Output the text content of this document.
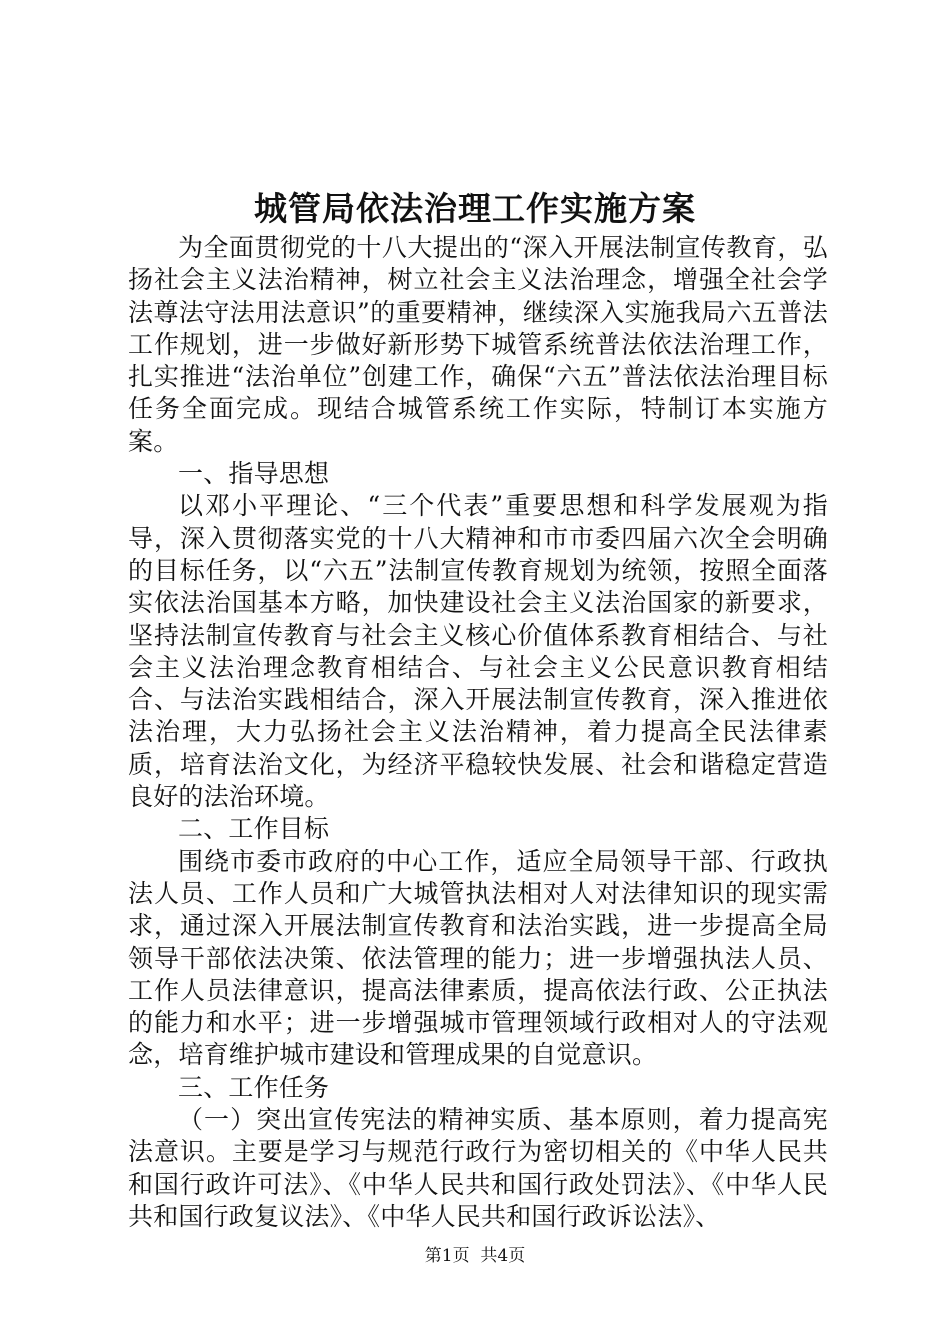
城管局依法治理工作实施方案

为全面贯彻党的十八大提出的“深入开展法制宣传教育，弘扬社会主义法治精神，树立社会主义法治理念，增强全社会学法尊法守法用法意识”的重要精神，继续深入实施我局六五普法工作规划，进一步做好新形势下城管系统普法依法治理工作，扎实推进“法治单位”创建工作，确保“六五”普法依法治理目标任务全面完成。现结合城管系统工作实际，特制订本实施方案。

一、指导思想

以邓小平理论、“三个代表”重要思想和科学发展观为指导，深入贯彻落实党的十八大精神和市市委四届六次全会明确的目标任务，以“六五”法制宣传教育规划为统领，按照全面落实依法治国基本方略，加快建设社会主义法治国家的新要求，坚持法制宣传教育与社会主义核心价值体系教育相结合、与社会主义法治理念教育相结合、与社会主义公民意识教育相结合、与法治实践相结合，深入开展法制宣传教育，深入推进依法治理，大力弘扬社会主义法治精神，着力提高全民法律素质，培育法治文化，为经济平稳较快发展、社会和谐稳定营造良好的法治环境。

二、工作目标

围绕市委市政府的中心工作，适应全局领导干部、行政执法人员、工作人员和广大城管执法相对人对法律知识的现实需求，通过深入开展法制宣传教育和法治实践，进一步提高全局领导干部依法决策、依法管理的能力；进一步增强执法人员、工作人员法律意识，提高法律素质，提高依法行政、公正执法的能力和水平；进一步增强城市管理领域行政相对人的守法观念，培育维护城市建设和管理成果的自觉意识。

三、工作任务

（一）突出宣传宪法的精神实质、基本原则，着力提高宪法意识。主要是学习与规范行政行为密切相关的《中华人民共和国行政许可法》、《中华人民共和国行政处罚法》、《中华人民共和国行政复议法》、《中华人民共和国行政诉讼法》、

第1页  共4页
